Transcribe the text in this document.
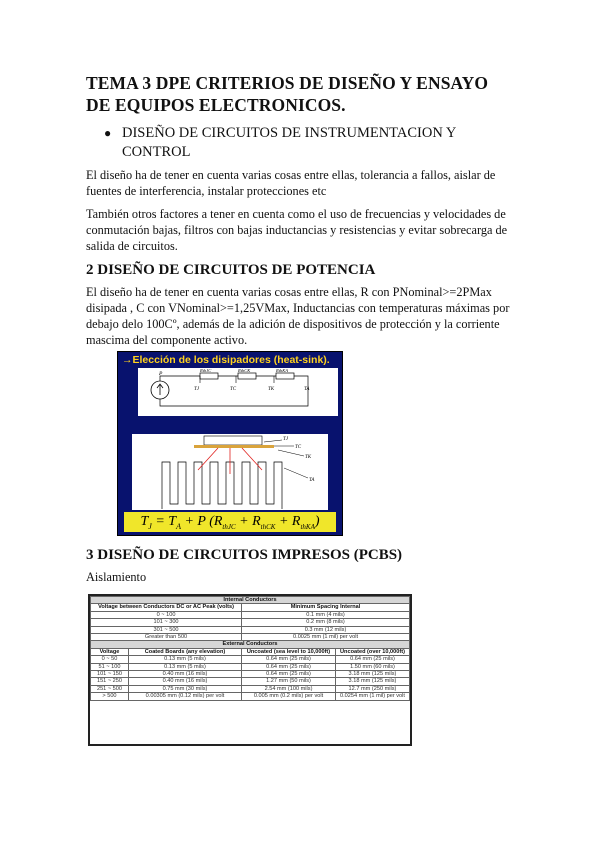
TEMA 3 DPE CRITERIOS DE DISEÑO Y ENSAYO DE EQUIPOS ELECTRONICOS.
● DISEÑO DE CIRCUITOS DE INSTRUMENTACION Y CONTROL

El diseño ha de tener en cuenta varias cosas entre ellas, tolerancia a fallos, aislar de fuentes de interferencia, instalar protecciones etc

También otros factores a tener en cuenta como el uso de frecuencias y velocidades de conmutación bajas, filtros con bajas inductancias y resistencias y evitar sobrecarga de salida de circuitos.

2 DISEÑO DE CIRCUITOS DE POTENCIA

El diseño ha de tener en cuenta varias cosas entre ellas, R con PNominal>=2PMax disipada , C con VNominal>=1,25VMax, Inductancias con temperaturas máximas por debajo delo 100Cº, además de la adición de dispositivos de protección y la corriente mascima del componente activo.

→Elección de los disipadores (heat-sink).
P
RthJC	RthCK	RthKA
TJ	TC	TK	TA
TJ
TC
TK
TA
$T_J = T_A + P$ $(R_{thJC} + R_{thCK} + R_{thKA})$
3 DISEÑO DE CIRCUITOS IMPRESOS (PCBS)
Aislamiento
Internal Conductors			
Voltage between Conductors DC or AC Peak (volts)		Minimum Spacing Internal	
0 ~ 100		0.1 mm (4 mils)	
101 ~ 300		0.2 mm (8 mils)	
301 ~ 500		0.3 mm (12 mils)	
Greater than 500		0.0025 mm (1 mil) per volt	
External Conductors			
Voltage	Coated Boards (any elevation)	Uncoated (sea level to 10,000ft)	Uncoated (over 10,000ft)
0 ~ 50	0.13 mm (5 mils)	0.64 mm (25 mils)	0.64 mm (25 mils)
51 ~ 100	0.13 mm (5 mils)	0.64 mm (25 mils)	1.50 mm (60 mils)
101 ~ 150	0.40 mm (16 mils)	0.64 mm (25 mils)	3.18 mm (125 mils)
151 ~ 250	0.40 mm (16 mils)	1.27 mm (50 mils)	3.18 mm (125 mils)
251 ~ 500	0.75 mm (30 mils)	2.54 mm (100 mils)	12.7 mm (250 mils)
> 500	0.00305 mm (0.12 mils) per volt	0.005 mm (0.2 mils) per volt	0.0254 mm (1 mil) per volt
